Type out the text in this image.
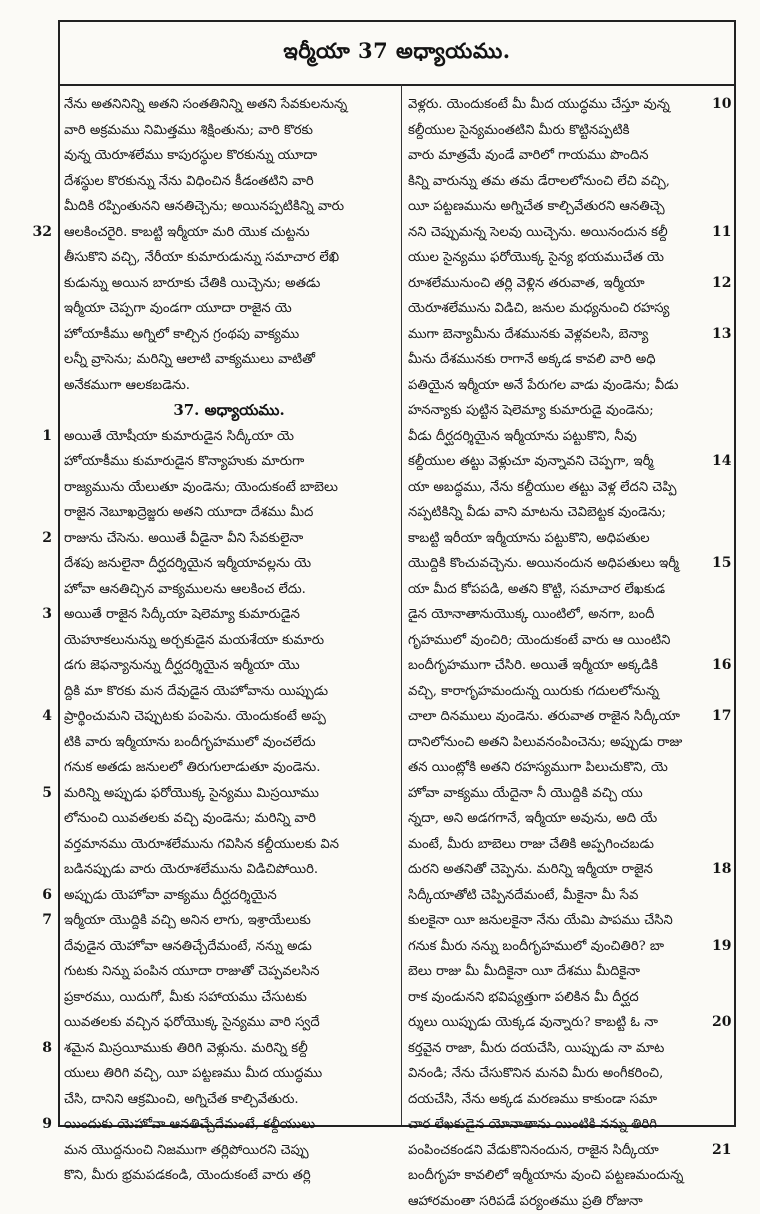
ఇర్మీయా 37 అధ్యాయము.
నేను అతనినిన్ని అతని సంతతినిన్ని అతని సేవకులనున్న
వారి అక్రమము నిమిత్తము శిక్షింతును; వారి కొరకు
వున్న యెరూశలేము కాపురస్థుల కొరకున్ను యూదా
దేశస్థుల కొరకున్ను నేను విధించిన కీడంతటిని వారి
మీదికి రప్పింతునని ఆనతిచ్చెను; అయినప్పటికిన్ని వారు
32 ఆలకించరైరి. కాబట్టి ఇర్మీయా మరి యొక చుట్టను
తీసుకొని వచ్చి, నేరీయా కుమారుడున్ను సమాచార లేఖి
కుడున్ను అయిన బారూకు చేతికి యిచ్చెను; అతడు
ఇర్మీయా చెప్పగా వుండగా యూదా రాజైన యె
హోయాకీము అగ్నిలో కాల్చిన గ్రంథపు వాక్యము
లన్నీ వ్రాసెను; మరిన్ని ఆలాటి వాక్యములు వాటితో
అనేకముగా ఆలకబడెను.
37. అధ్యాయము.
1 అయితే యోషీయా కుమారుడైన సిద్కీయా యె
హోయాకీము కుమారుడైన కొన్యాహుకు మారుగా
రాజ్యమును యేలుతూ వుండెను; యెందుకంటే బాబెలు
రాజైన నెబూఖద్రెజ్జరు అతని యూదా దేశము మీద
2 రాజును చేసెను. అయితే వీడైనా వీని సేవకులైనా
దేశపు జనులైనా దీర్ఘదర్శియైన ఇర్మీయావల్లను యె
హోవా ఆనతిచ్చిన వాక్యములను ఆలకించ లేదు.
3 అయితే రాజైన సిద్కీయా షెలెమ్యా కుమారుడైన
యెహూకలునున్ను అర్చకుడైన మయశేయా కుమారు
డగు జెఫన్యానున్ను దీర్ఘదర్శియైన ఇర్మీయా యొ
ద్దికి మా కొరకు మన దేవుడైన యెహోవాను యిప్పుడు
4 ప్రార్థించుమని చెప్పుటకు పంపెను. యెందుకంటే అప్ప
టికి వారు ఇర్మీయాను బందీగృహములో వుంచలేదు
గనుక అతడు జనులలో తిరుగులాడుతూ వుండెను.
5 మరిన్ని అప్పుడు ఫరోయొక్క సైన్యము మిస్రయీము
లోనుంచి యివతలకు వచ్చి వుండెను; మరిన్ని వారి
వర్తమానము యెరూశలేమును గవిసిన కల్దీయులకు విన
బడినప్పుడు వారు యెరూశలేమును విడిచిపోయిరి.
6 అప్పుడు యెహోవా వాక్యము దీర్ఘదర్శియైన
7 ఇర్మీయా యొద్దికి వచ్చి అనిన లాగు, ఇశ్రాయేలుకు
దేవుడైన యెహోవా ఆనతిచ్చేదేమంటే, నన్ను అడు
గుటకు నిన్ను పంపిన యూదా రాజుతో చెప్పవలసిన
ప్రకారము, యిదుగో, మీకు సహాయము చేసుటకు
యివతలకు వచ్చిన ఫరోయొక్క సైన్యము వారి స్వదే
8 శమైన మిస్రయీముకు తిరిగి వెళ్లును. మరిన్ని కల్దీ
యులు తిరిగి వచ్చి, యీ పట్టణము మీద యుద్ధము
చేసి, దానిని ఆక్రమించి, అగ్నిచేత కాల్చివేతురు.
9 యిందుకు యెహోవా ఆనతిచ్చేదేమంటే, కల్దీయులు
మన యొద్దనుంచి నిజముగా తర్లిపోయిరని చెప్పు
కొని, మీరు భ్రమపడకండి, యెందుకంటే వారు తర్లి
10
వెళ్లరు. యెందుకంటే మీ మీద యుద్ధము చేస్తూ వున్న
కల్దీయుల సైన్యమంతటిని మీరు కొట్టినప్పటికి
వారు మాత్రమే వుండే వారిలో గాయము పొందిన
కిన్ని వారున్ను తమ తమ డేరాలలోనుంచి లేచి వచ్చి,
యీ పట్టణమును అగ్నిచేత కాల్చివేతురని ఆనతిచ్చె
11
నని చెప్పుమన్న సెలవు యిచ్చెను. అయినందున కల్దీ
యుల సైన్యము ఫరోయొక్క సైన్య భయముచేత యె
12
రూశలేమునుంచి తర్లి వెళ్లిన తరువాత, ఇర్మీయా
యెరూశలేమును విడిచి, జనుల మధ్యనుంచి రహస్య
13
ముగా బెన్యామీను దేశమునకు వెళ్లవలసి, బెన్యా
మీను దేశమునకు రాగానే అక్కడ కావలి వారి అధి
పతియైన ఇర్మీయా అనే పేరుగల వాడు వుండెను; వీడు
హనన్యాకు పుట్టిన షెలెమ్యా కుమారుడై వుండెను;
వీడు దీర్ఘదర్శియైన ఇర్మీయాను పట్టుకొని, నీవు
14
కల్దీయుల తట్టు వెళ్లుచూ వున్నావని చెప్పగా, ఇర్మీ
యా అబద్ధము, నేను కల్దీయుల తట్టు వెళ్ల లేదని చెప్పి
నప్పటికిన్ని వీడు వాని మాటను చెవిబెట్టక వుండెను;
కాబట్టి ఇరీయా ఇర్మీయాను పట్టుకొని, అధిపతుల
15
యొద్దికి కొంచువచ్చెను. అయినందున అధిపతులు ఇర్మీ
యా మీద కోపపడి, అతని కొట్టి, సమాచార లేఖకుడ
డైన యోనాతానుయొక్క యింటిలో, అనగా, బందీ
గృహములో వుంచిరి; యెందుకంటే వారు ఆ యింటిని
16
బందీగృహముగా చేసిరి. అయితే ఇర్మీయా అక్కడికి
వచ్చి, కారాగృహమందున్న యిరుకు గదులలోనున్న
17
చాలా దినములు వుండెను. తరువాత రాజైన సిద్కీయా
దానిలోనుంచి అతని పిలువనంపించెను; అప్పుడు రాజు
తన యింట్లోకి అతని రహస్యముగా పిలుచుకొని, యె
హోవా వాక్యము యేదైనా నీ యొద్దికి వచ్చి యు
న్నదా, అని అడగగానే, ఇర్మీయా అవును, అది యే
మంటే, మీరు బాబెలు రాజు చేతికి అప్పగించబడు
18
దురని అతనితో చెప్పెను. మరిన్ని ఇర్మీయా రాజైన
సిద్కీయాతోటి చెప్పినదేమంటే, మీకైనా మీ సేవ
కులకైనా యీ జనులకైనా నేను యేమి పాపము చేసిని
19
గనుక మీరు నన్ను బందీగృహములో వుంచితిరి? బా
బెలు రాజు మీ మీదికైనా యీ దేశము మీదికైనా
రాక వుండునని భవిష్యత్తుగా పలికిన మీ దీర్ఘద
20
ర్శులు యిప్పుడు యెక్కడ వున్నారు? కాబట్టి ఓ నా
కర్తవైన రాజా, మీరు దయచేసి, యిప్పుడు నా మాట
వినండి; నేను చేసుకొనిన మనవి మీరు అంగీకరించి,
దయచేసి, నేను అక్కడ మరణము కాకుండా సమా
చార లేఖకుడైన యోనాతాను యింటికి నన్ను తిరిగి
21
పంపించకండని వేడుకొనినందున, రాజైన సిద్కీయా
బందీగృహ కావలిలో ఇర్మీయాను వుంచి పట్టణమందున్న
ఆహారమంతా సరిపడే పర్యంతము ప్రతి రోజునా
